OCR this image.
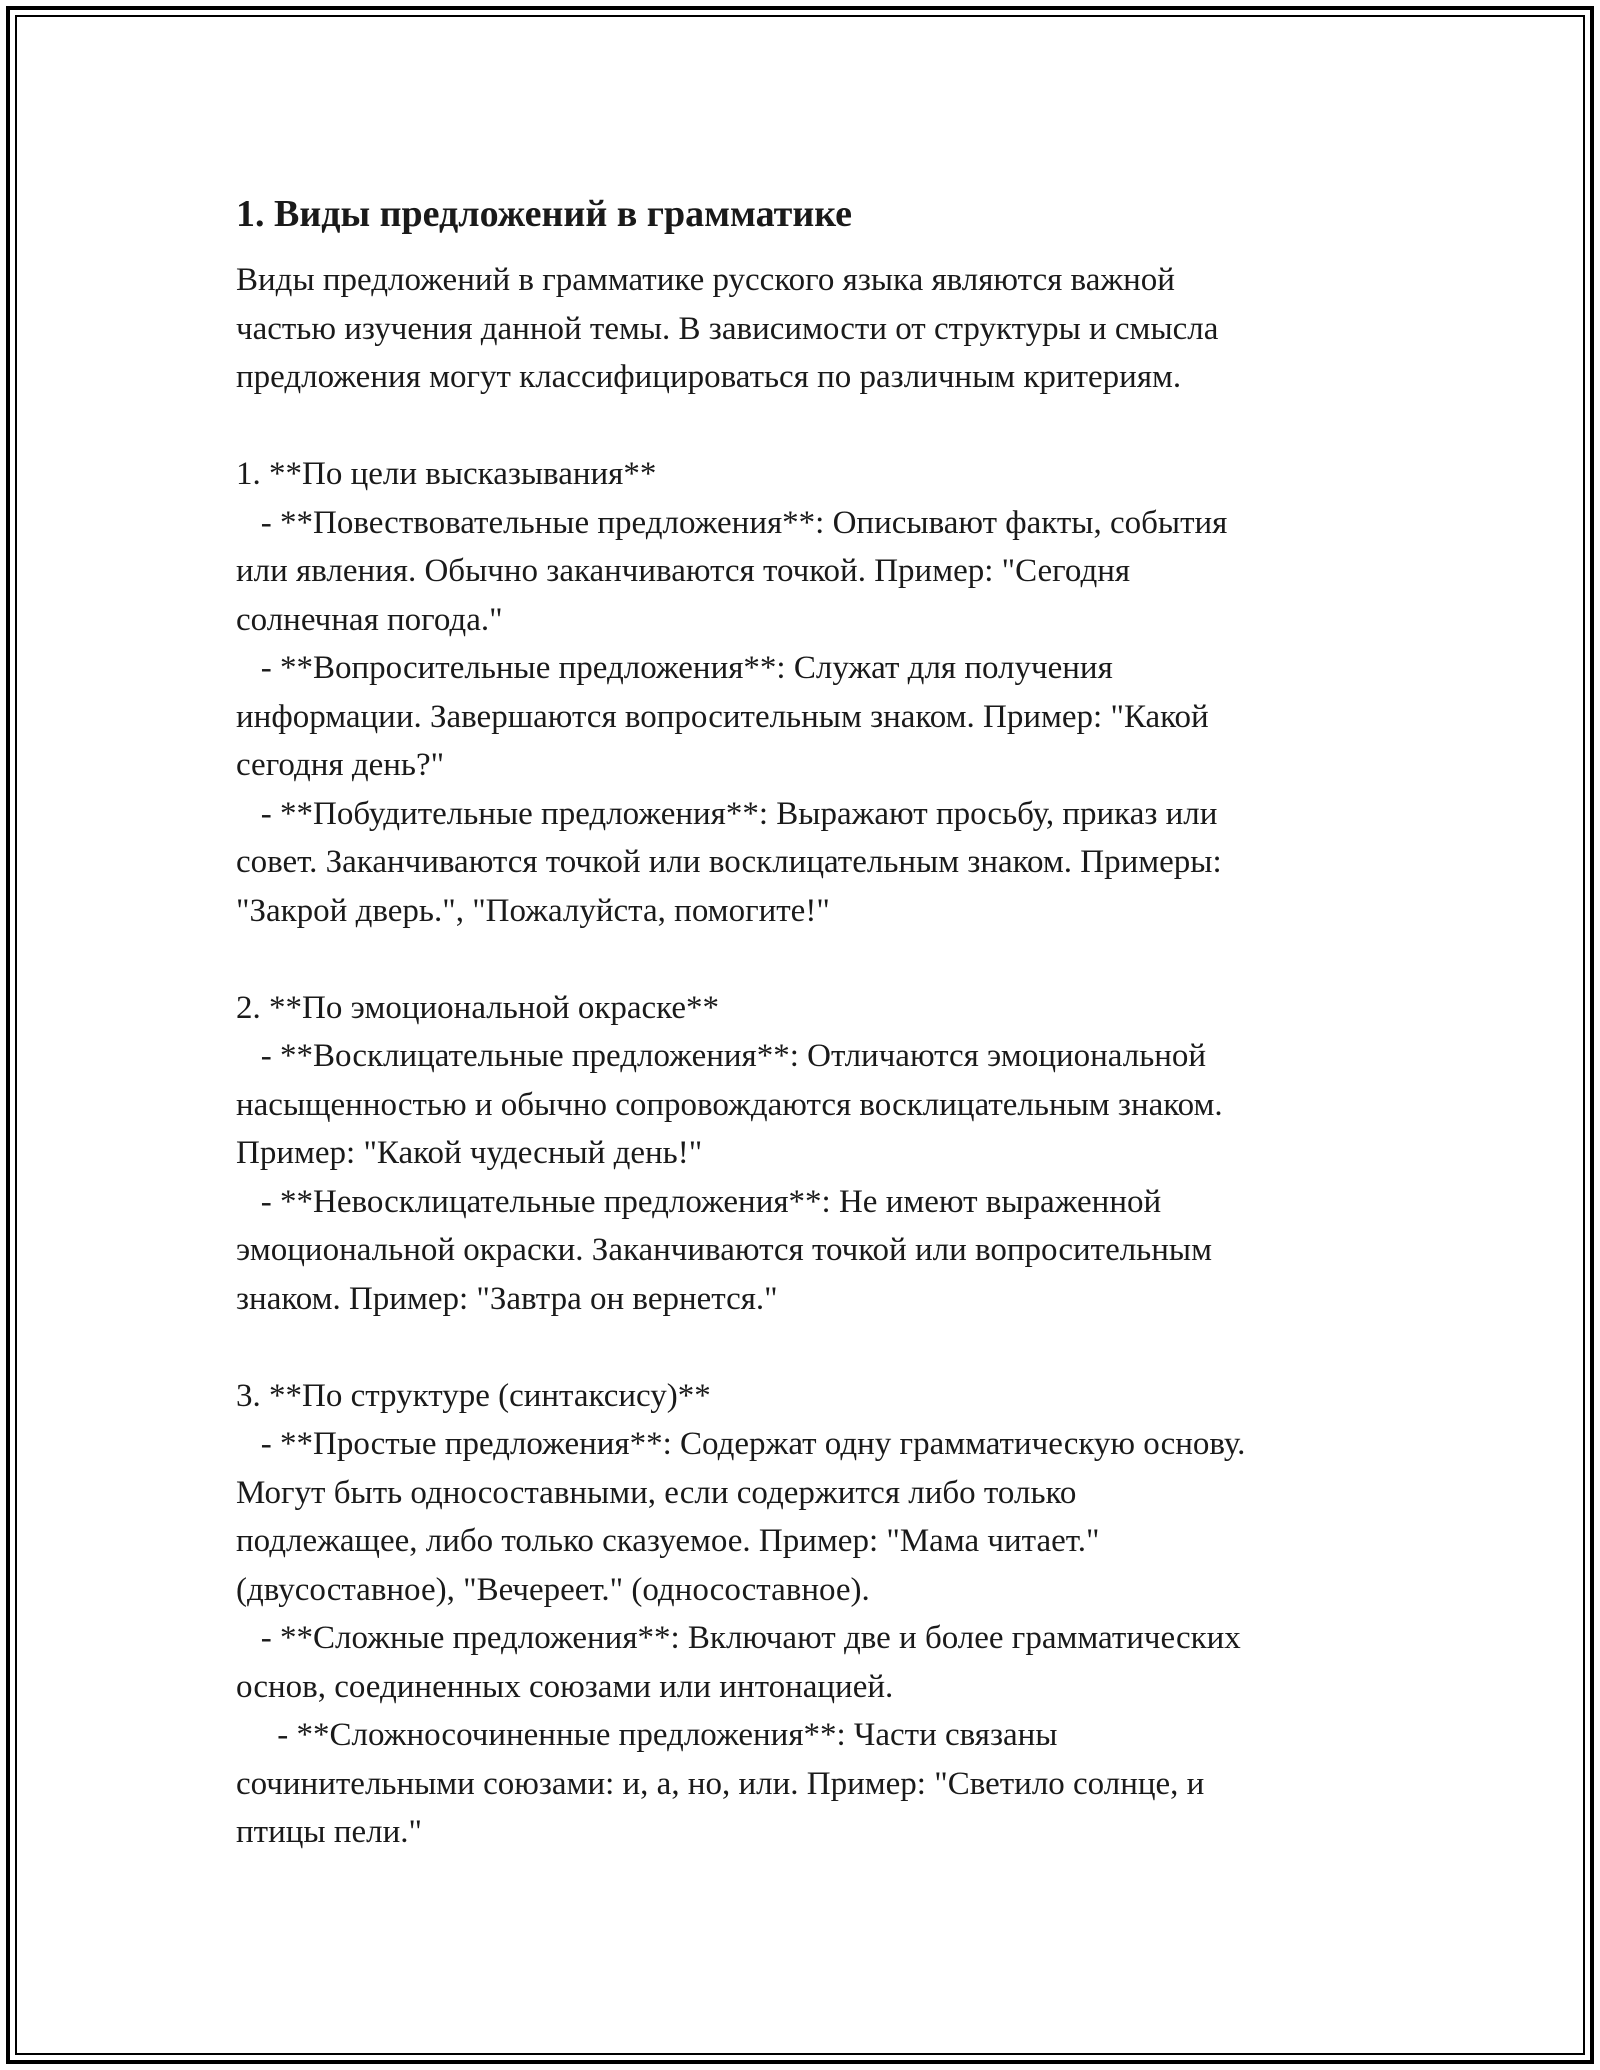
1. Виды предложений в грамматике

Виды предложений в грамматике русского языка являются важной
частью изучения данной темы. В зависимости от структуры и смысла
предложения могут классифицироваться по различным критериям.

1. **По цели высказывания**
- **Повествовательные предложения**: Описывают факты, события
или явления. Обычно заканчиваются точкой. Пример: "Сегодня
солнечная погода."
- **Вопросительные предложения**: Служат для получения
информации. Завершаются вопросительным знаком. Пример: "Какой
сегодня день?"
- **Побудительные предложения**: Выражают просьбу, приказ или
совет. Заканчиваются точкой или восклицательным знаком. Примеры:
"Закрой дверь.", "Пожалуйста, помогите!"

2. **По эмоциональной окраске**
- **Восклицательные предложения**: Отличаются эмоциональной
насыщенностью и обычно сопровождаются восклицательным знаком.
Пример: "Какой чудесный день!"
- **Невосклицательные предложения**: Не имеют выраженной
эмоциональной окраски. Заканчиваются точкой или вопросительным
знаком. Пример: "Завтра он вернется."

3. **По структуре (синтаксису)**
- **Простые предложения**: Содержат одну грамматическую основу.
Могут быть односоставными, если содержится либо только
подлежащее, либо только сказуемое. Пример: "Мама читает."
(двусоставное), "Вечереет." (односоставное).
- **Сложные предложения**: Включают две и более грамматических
основ, соединенных союзами или интонацией.
- **Сложносочиненные предложения**: Части связаны
сочинительными союзами: и, а, но, или. Пример: "Светило солнце, и
птицы пели."
